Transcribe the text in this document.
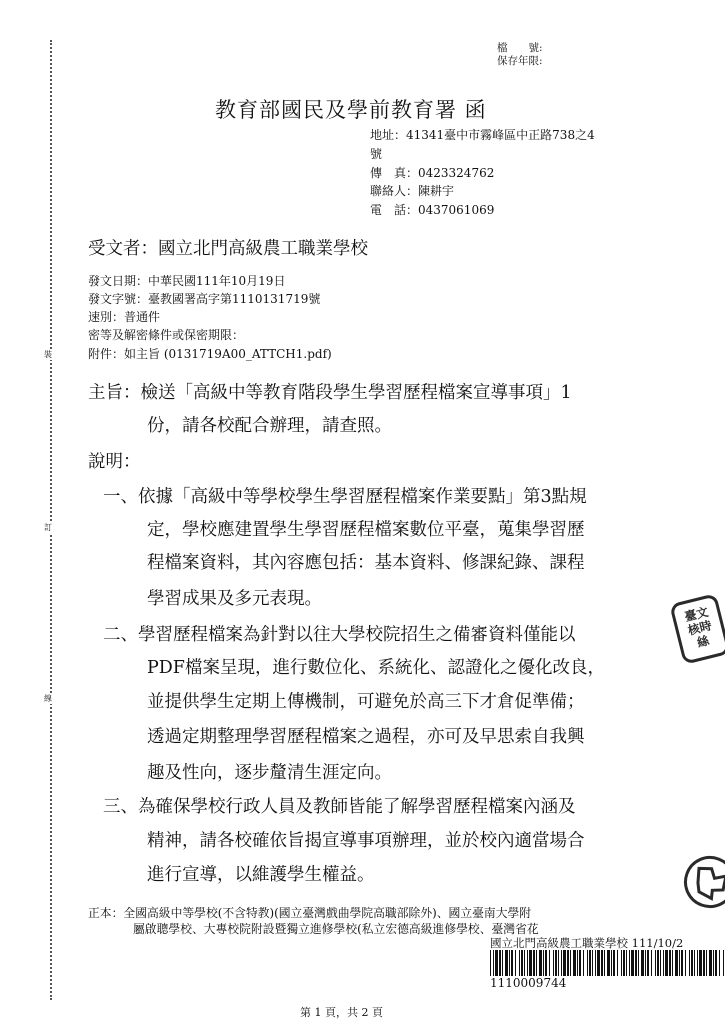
裝
訂
線
檔　　號:
保存年限:
教育部國民及學前教育署 函
地址：41341臺中市霧峰區中正路738之4
號
傳　真：0423324762
聯絡人：陳耕宇
電　話：0437061069
受文者：國立北門高級農工職業學校
發文日期：中華民國111年10月19日
發文字號：臺教國署高字第1110131719號
速別：普通件
密等及解密條件或保密期限：
附件：如主旨 (0131719A00_ATTCH1.pdf)
主旨：檢送「高級中等教育階段學生學習歷程檔案宣導事項」1
份，請各校配合辦理，請查照。
說明：
一、依據「高級中等學校學生學習歷程檔案作業要點」第3點規
定，學校應建置學生學習歷程檔案數位平臺，蒐集學習歷
程檔案資料，其內容應包括：基本資料、修課紀錄、課程
學習成果及多元表現。
二、學習歷程檔案為針對以往大學校院招生之備審資料僅能以
PDF檔案呈現，進行數位化、系統化、認證化之優化改良，
並提供學生定期上傳機制，可避免於高三下才倉促準備；
透過定期整理學習歷程檔案之過程，亦可及早思索自我興
趣及性向，逐步釐清生涯定向。
三、為確保學校行政人員及教師皆能了解學習歷程檔案內涵及
精神，請各校確依旨揭宣導事項辦理，並於校內適當場合
進行宣導，以維護學生權益。
臺文核時絲
正本：全國高級中等學校(不含特教)(國立臺灣戲曲學院高職部除外)、國立臺南大學附
屬啟聰學校、大專校院附設暨獨立進修學校(私立宏德高級進修學校、臺灣省花
國立北門高級農工職業學校 111/10/2
1110009744
第 1 頁，共 2 頁
